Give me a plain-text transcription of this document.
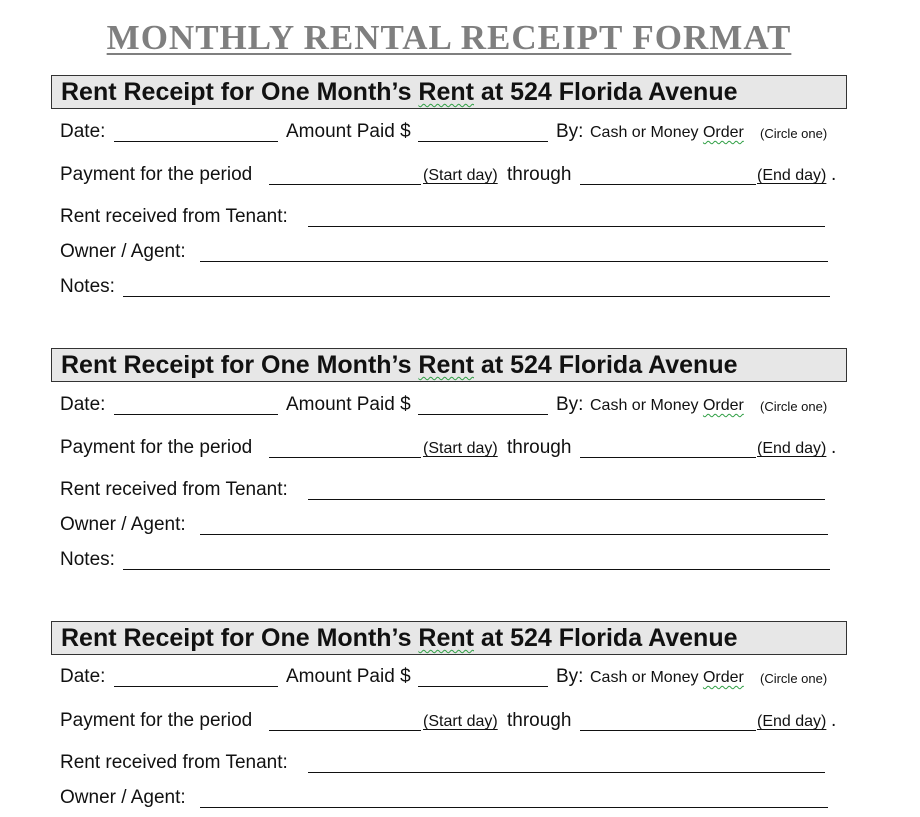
MONTHLY RENTAL RECEIPT FORMAT
Rent Receipt for One Month’s Rent at 524 Florida Avenue
Date:	Amount Paid $	By: Cash or Money Order (Circle one)
Payment for the period	(Start day) through	(End day) .
Rent received from Tenant:
Owner / Agent:
Notes:
Rent Receipt for One Month’s Rent at 524 Florida Avenue
Date:	Amount Paid $	By: Cash or Money Order (Circle one)
Payment for the period	(Start day) through	(End day) .
Rent received from Tenant:
Owner / Agent:
Notes:
Rent Receipt for One Month’s Rent at 524 Florida Avenue
Date:	Amount Paid $	By: Cash or Money Order (Circle one)
Payment for the period	(Start day) through	(End day) .
Rent received from Tenant:
Owner / Agent:
